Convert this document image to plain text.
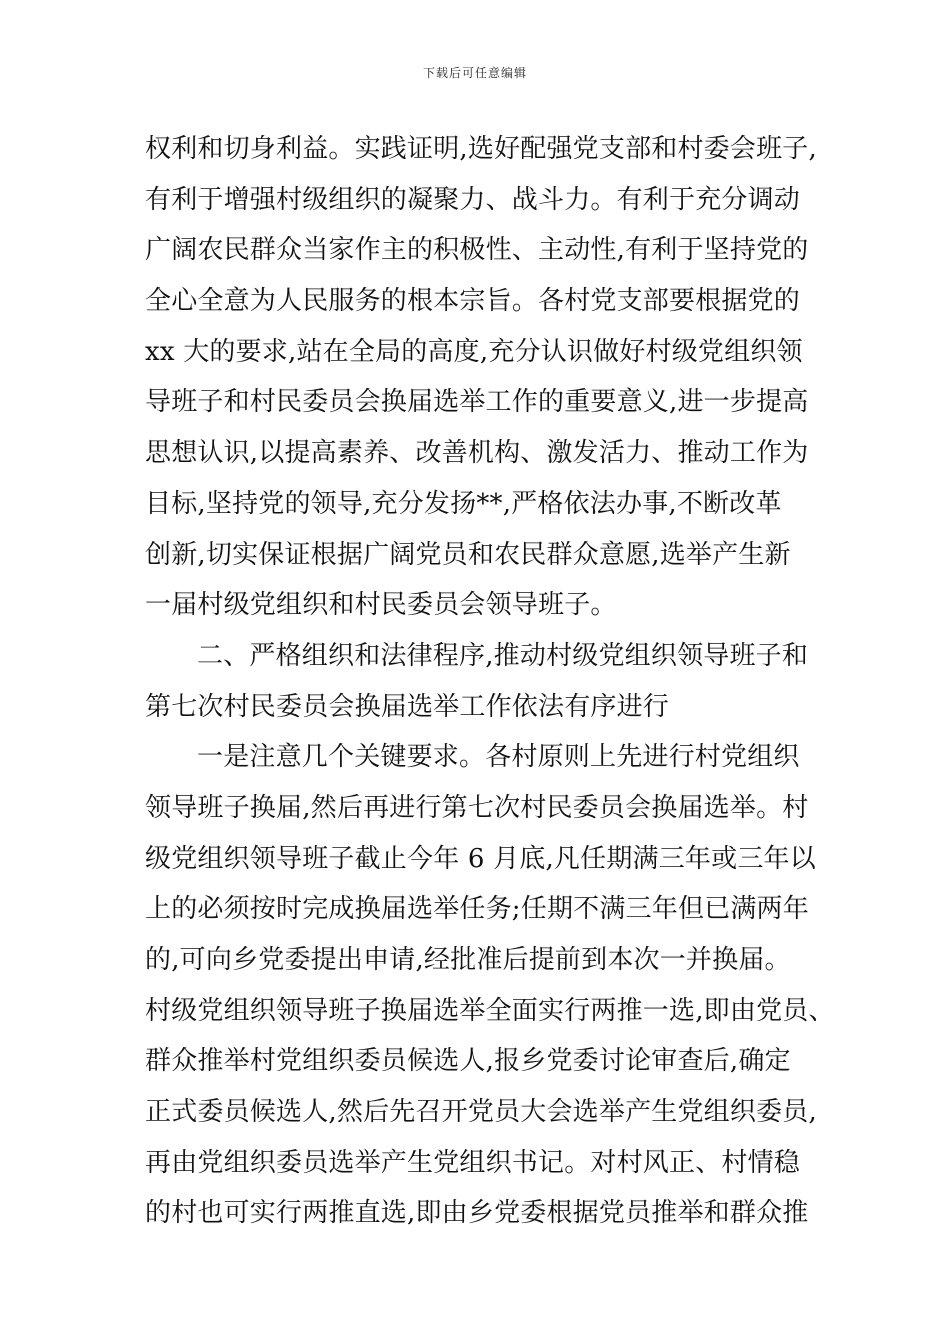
下载后可任意编辑
权利和切身利益。实践证明,选好配强党支部和村委会班子,
有利于增强村级组织的凝聚力、战斗力。有利于充分调动
广阔农民群众当家作主的积极性、主动性,有利于坚持党的
全心全意为人民服务的根本宗旨。各村党支部要根据党的
xx 大的要求,站在全局的高度,充分认识做好村级党组织领
导班子和村民委员会换届选举工作的重要意义,进一步提高
思想认识,以提高素养、改善机构、激发活力、推动工作为
目标,坚持党的领导,充分发扬**,严格依法办事,不断改革
创新,切实保证根据广阔党员和农民群众意愿,选举产生新
一届村级党组织和村民委员会领导班子。
二、严格组织和法律程序,推动村级党组织领导班子和
第七次村民委员会换届选举工作依法有序进行
一是注意几个关键要求。各村原则上先进行村党组织
领导班子换届,然后再进行第七次村民委员会换届选举。村
级党组织领导班子截止今年 6 月底,凡任期满三年或三年以
上的必须按时完成换届选举任务;任期不满三年但已满两年
的,可向乡党委提出申请,经批准后提前到本次一并换届。
村级党组织领导班子换届选举全面实行两推一选,即由党员、
群众推举村党组织委员候选人,报乡党委讨论审查后,确定
正式委员候选人,然后先召开党员大会选举产生党组织委员,
再由党组织委员选举产生党组织书记。对村风正、村情稳
的村也可实行两推直选,即由乡党委根据党员推举和群众推
